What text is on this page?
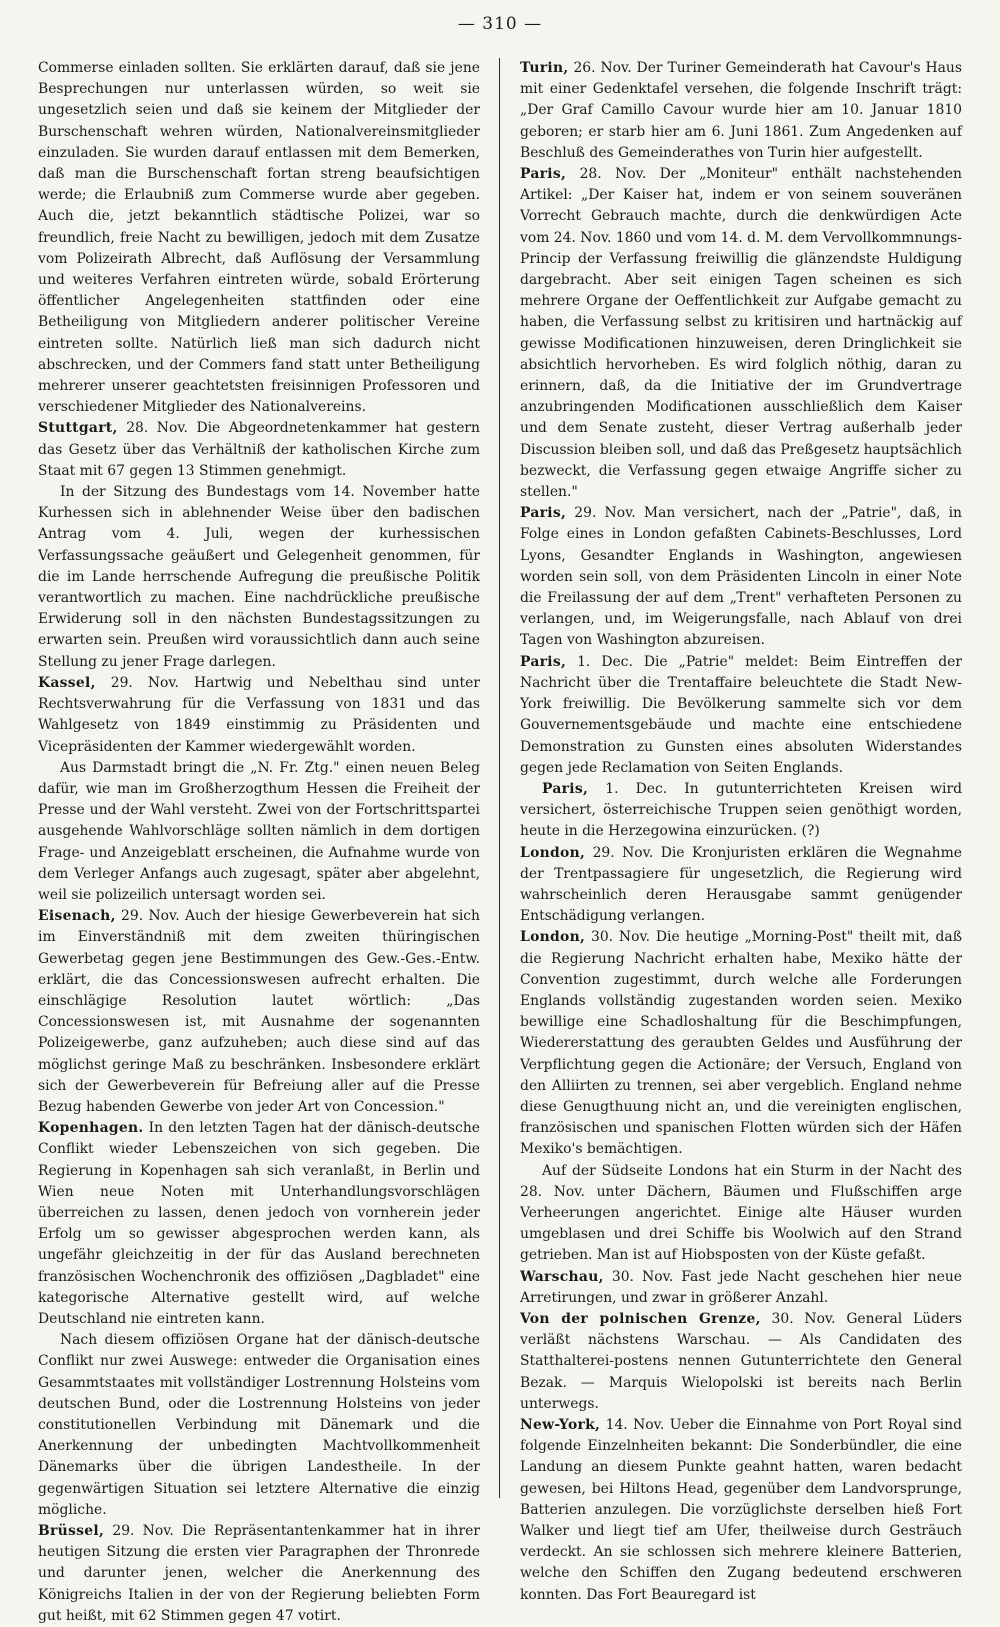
— 310 —

Commerse einladen sollten. Sie erklärten darauf, daß sie jene Besprechungen nur unterlassen würden, so weit sie ungesetzlich seien und daß sie keinem der Mitglieder der Burschenschaft wehren würden, Nationalvereinsmitglieder einzuladen. Sie wurden darauf entlassen mit dem Bemerken, daß man die Burschenschaft fortan streng beaufsichtigen werde; die Erlaubniß zum Commerse wurde aber gegeben. Auch die, jetzt bekanntlich städtische Polizei, war so freundlich, freie Nacht zu bewilligen, jedoch mit dem Zusatze vom Polizeirath Albrecht, daß Auflösung der Versammlung und weiteres Verfahren eintreten würde, sobald Erörterung öffentlicher Angelegenheiten stattfinden oder eine Betheiligung von Mitgliedern anderer politischer Vereine eintreten sollte. Natürlich ließ man sich dadurch nicht abschrecken, und der Commers fand statt unter Betheiligung mehrerer unserer geachtetsten freisinnigen Professoren und verschiedener Mitglieder des Nationalvereins.

Stuttgart, 28. Nov. Die Abgeordnetenkammer hat gestern das Gesetz über das Verhältniß der katholischen Kirche zum Staat mit 67 gegen 13 Stimmen genehmigt.

In der Sitzung des Bundestags vom 14. November hatte Kurhessen sich in ablehnender Weise über den badischen Antrag vom 4. Juli, wegen der kurhessischen Verfassungssache geäußert und Gelegenheit genommen, für die im Lande herrschende Aufregung die preußische Politik verantwortlich zu machen. Eine nachdrückliche preußische Erwiderung soll in den nächsten Bundestagssitzungen zu erwarten sein. Preußen wird voraussichtlich dann auch seine Stellung zu jener Frage darlegen.

Kassel, 29. Nov. Hartwig und Nebelthau sind unter Rechtsverwahrung für die Verfassung von 1831 und das Wahlgesetz von 1849 einstimmig zu Präsidenten und Vicepräsidenten der Kammer wiedergewählt worden.

Aus Darmstadt bringt die „N. Fr. Ztg." einen neuen Beleg dafür, wie man im Großherzogthum Hessen die Freiheit der Presse und der Wahl versteht. Zwei von der Fortschrittspartei ausgehende Wahlvorschläge sollten nämlich in dem dortigen Frage- und Anzeigeblatt erscheinen, die Aufnahme wurde von dem Verleger Anfangs auch zugesagt, später aber abgelehnt, weil sie polizeilich untersagt worden sei.

Eisenach, 29. Nov. Auch der hiesige Gewerbeverein hat sich im Einverständniß mit dem zweiten thüringischen Gewerbetag gegen jene Bestimmungen des Gew.-Ges.-Entw. erklärt, die das Concessionswesen aufrecht erhalten. Die einschlägige Resolution lautet wörtlich: „Das Concessionswesen ist, mit Ausnahme der sogenannten Polizeigewerbe, ganz aufzuheben; auch diese sind auf das möglichst geringe Maß zu beschränken. Insbesondere erklärt sich der Gewerbeverein für Befreiung aller auf die Presse Bezug habenden Gewerbe von jeder Art von Concession."

Kopenhagen. In den letzten Tagen hat der dänisch-deutsche Conflikt wieder Lebenszeichen von sich gegeben. Die Regierung in Kopenhagen sah sich veranlaßt, in Berlin und Wien neue Noten mit Unterhandlungsvorschlägen überreichen zu lassen, denen jedoch von vornherein jeder Erfolg um so gewisser abgesprochen werden kann, als ungefähr gleichzeitig in der für das Ausland berechneten französischen Wochenchronik des offiziösen „Dagbladet" eine kategorische Alternative gestellt wird, auf welche Deutschland nie eintreten kann.

Nach diesem offiziösen Organe hat der dänisch-deutsche Conflikt nur zwei Auswege: entweder die Organisation eines Gesammtstaates mit vollständiger Lostrennung Holsteins vom deutschen Bund, oder die Lostrennung Holsteins von jeder constitutionellen Verbindung mit Dänemark und die Anerkennung der unbedingten Machtvollkommenheit Dänemarks über die übrigen Landestheile. In der gegenwärtigen Situation sei letztere Alternative die einzig mögliche.

Brüssel, 29. Nov. Die Repräsentantenkammer hat in ihrer heutigen Sitzung die ersten vier Paragraphen der Thronrede und darunter jenen, welcher die Anerkennung des Königreichs Italien in der von der Regierung beliebten Form gut heißt, mit 62 Stimmen gegen 47 votirt.

Turin, 26. Nov. Der Turiner Gemeinderath hat Cavour's Haus mit einer Gedenktafel versehen, die folgende Inschrift trägt: „Der Graf Camillo Cavour wurde hier am 10. Januar 1810 geboren; er starb hier am 6. Juni 1861. Zum Angedenken auf Beschluß des Gemeinderathes von Turin hier aufgestellt.

Paris, 28. Nov. Der „Moniteur" enthält nachstehenden Artikel: „Der Kaiser hat, indem er von seinem souveränen Vorrecht Gebrauch machte, durch die denkwürdigen Acte vom 24. Nov. 1860 und vom 14. d. M. dem Vervollkommnungs-Princip der Verfassung freiwillig die glänzendste Huldigung dargebracht. Aber seit einigen Tagen scheinen es sich mehrere Organe der Oeffentlichkeit zur Aufgabe gemacht zu haben, die Verfassung selbst zu kritisiren und hartnäckig auf gewisse Modificationen hinzuweisen, deren Dringlichkeit sie absichtlich hervorheben. Es wird folglich nöthig, daran zu erinnern, daß, da die Initiative der im Grundvertrage anzubringenden Modificationen ausschließlich dem Kaiser und dem Senate zusteht, dieser Vertrag außerhalb jeder Discussion bleiben soll, und daß das Preßgesetz hauptsächlich bezweckt, die Verfassung gegen etwaige Angriffe sicher zu stellen."

Paris, 29. Nov. Man versichert, nach der „Patrie", daß, in Folge eines in London gefaßten Cabinets-Beschlusses, Lord Lyons, Gesandter Englands in Washington, angewiesen worden sein soll, von dem Präsidenten Lincoln in einer Note die Freilassung der auf dem „Trent" verhafteten Personen zu verlangen, und, im Weigerungsfalle, nach Ablauf von drei Tagen von Washington abzureisen.

Paris, 1. Dec. Die „Patrie" meldet: Beim Eintreffen der Nachricht über die Trentaffaire beleuchtete die Stadt New-York freiwillig. Die Bevölkerung sammelte sich vor dem Gouvernementsgebäude und machte eine entschiedene Demonstration zu Gunsten eines absoluten Widerstandes gegen jede Reclamation von Seiten Englands.

Paris, 1. Dec. In gutunterrichteten Kreisen wird versichert, österreichische Truppen seien genöthigt worden, heute in die Herzegowina einzurücken. (?)

London, 29. Nov. Die Kronjuristen erklären die Wegnahme der Trentpassagiere für ungesetzlich, die Regierung wird wahrscheinlich deren Herausgabe sammt genügender Entschädigung verlangen.

London, 30. Nov. Die heutige „Morning-Post" theilt mit, daß die Regierung Nachricht erhalten habe, Mexiko hätte der Convention zugestimmt, durch welche alle Forderungen Englands vollständig zugestanden worden seien. Mexiko bewillige eine Schadloshaltung für die Beschimpfungen, Wiedererstattung des geraubten Geldes und Ausführung der Verpflichtung gegen die Actionäre; der Versuch, England von den Alliirten zu trennen, sei aber vergeblich. England nehme diese Genugthuung nicht an, und die vereinigten englischen, französischen und spanischen Flotten würden sich der Häfen Mexiko's bemächtigen.

Auf der Südseite Londons hat ein Sturm in der Nacht des 28. Nov. unter Dächern, Bäumen und Flußschiffen arge Verheerungen angerichtet. Einige alte Häuser wurden umgeblasen und drei Schiffe bis Woolwich auf den Strand getrieben. Man ist auf Hiobsposten von der Küste gefaßt.

Warschau, 30. Nov. Fast jede Nacht geschehen hier neue Arretirungen, und zwar in größerer Anzahl.

Von der polnischen Grenze, 30. Nov. General Lüders verläßt nächstens Warschau. — Als Candidaten des Statthalterei-postens nennen Gutunterrichtete den General Bezak. — Marquis Wielopolski ist bereits nach Berlin unterwegs.

New-York, 14. Nov. Ueber die Einnahme von Port Royal sind folgende Einzelnheiten bekannt: Die Sonderbündler, die eine Landung an diesem Punkte geahnt hatten, waren bedacht gewesen, bei Hiltons Head, gegenüber dem Landvorsprunge, Batterien anzulegen. Die vorzüglichste derselben hieß Fort Walker und liegt tief am Ufer, theilweise durch Gesträuch verdeckt. An sie schlossen sich mehrere kleinere Batterien, welche den Schiffen den Zugang bedeutend erschweren konnten. Das Fort Beauregard ist
